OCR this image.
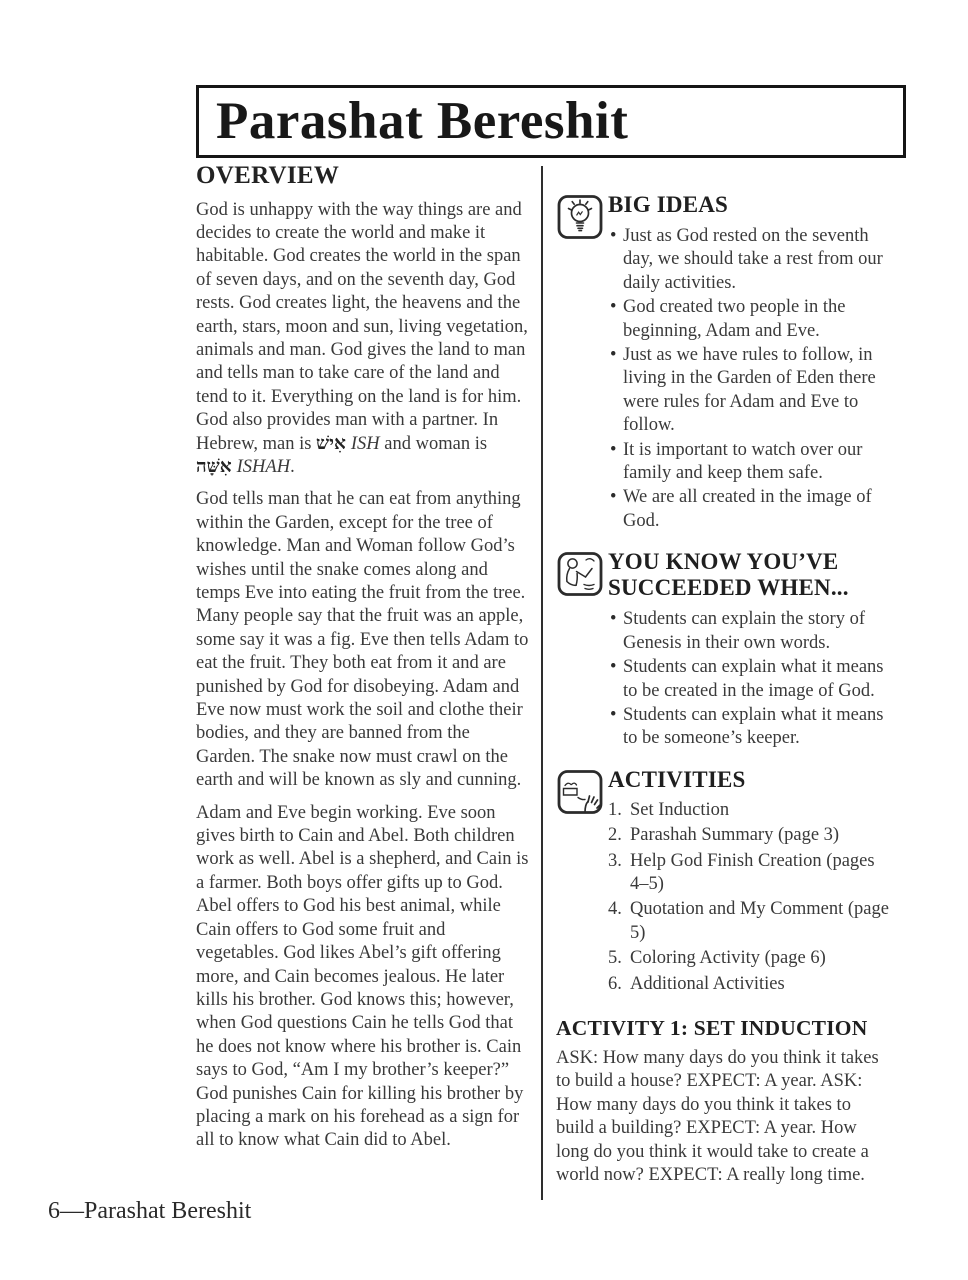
Parashat Bereshit
OVERVIEW

God is unhappy with the way things are and decides to create the world and make it habitable. God creates the world in the span of seven days, and on the seventh day, God rests. God creates light, the heavens and the earth, stars, moon and sun, living vegetation, animals and man. God gives the land to man and tells man to take care of the land and tend to it. Everything on the land is for him. God also provides man with a partner. In Hebrew, man is אִישׁ ISH and woman is אִשָּׁה ISHAH.

God tells man that he can eat from anything within the Garden, except for the tree of knowledge. Man and Woman follow God’s wishes until the snake comes along and temps Eve into eating the fruit from the tree. Many people say that the fruit was an apple, some say it was a fig. Eve then tells Adam to eat the fruit. They both eat from it and are punished by God for disobeying. Adam and Eve now must work the soil and clothe their bodies, and they are banned from the Garden. The snake now must crawl on the earth and will be known as sly and cunning.

Adam and Eve begin working. Eve soon gives birth to Cain and Abel. Both children work as well. Abel is a shepherd, and Cain is a farmer. Both boys offer gifts up to God. Abel offers to God his best animal, while Cain offers to God some fruit and vegetables. God likes Abel’s gift offering more, and Cain becomes jealous. He later kills his brother. God knows this; however, when God questions Cain he tells God that he does not know where his brother is. Cain says to God, “Am I my brother’s keeper?” God punishes Cain for killing his brother by placing a mark on his forehead as a sign for all to know what Cain did to Abel.

BIG IDEAS
• Just as God rested on the seventh day, we should take a rest from our daily activities.
• God created two people in the beginning, Adam and Eve.
• Just as we have rules to follow, in living in the Garden of Eden there were rules for Adam and Eve to follow.
• It is important to watch over our family and keep them safe.
• We are all created in the image of God.
YOU KNOW YOU’VE
SUCCEEDED WHEN...
• Students can explain the story of Genesis in their own words.
• Students can explain what it means to be created in the image of God.
• Students can explain what it means to be someone’s keeper.
ACTIVITIES
Set Induction
Parashah Summary (page 3)
Help God Finish Creation (pages 4–5)
Quotation and My Comment (page 5)
Coloring Activity (page 6)
Additional Activities
ACTIVITY 1: SET INDUCTION

ASK: How many days do you think it takes to build a house? EXPECT: A year. ASK: How many days do you think it takes to build a building? EXPECT: A year. How long do you think it would take to create a world now? EXPECT: A really long time.

6—Parashat Bereshit
